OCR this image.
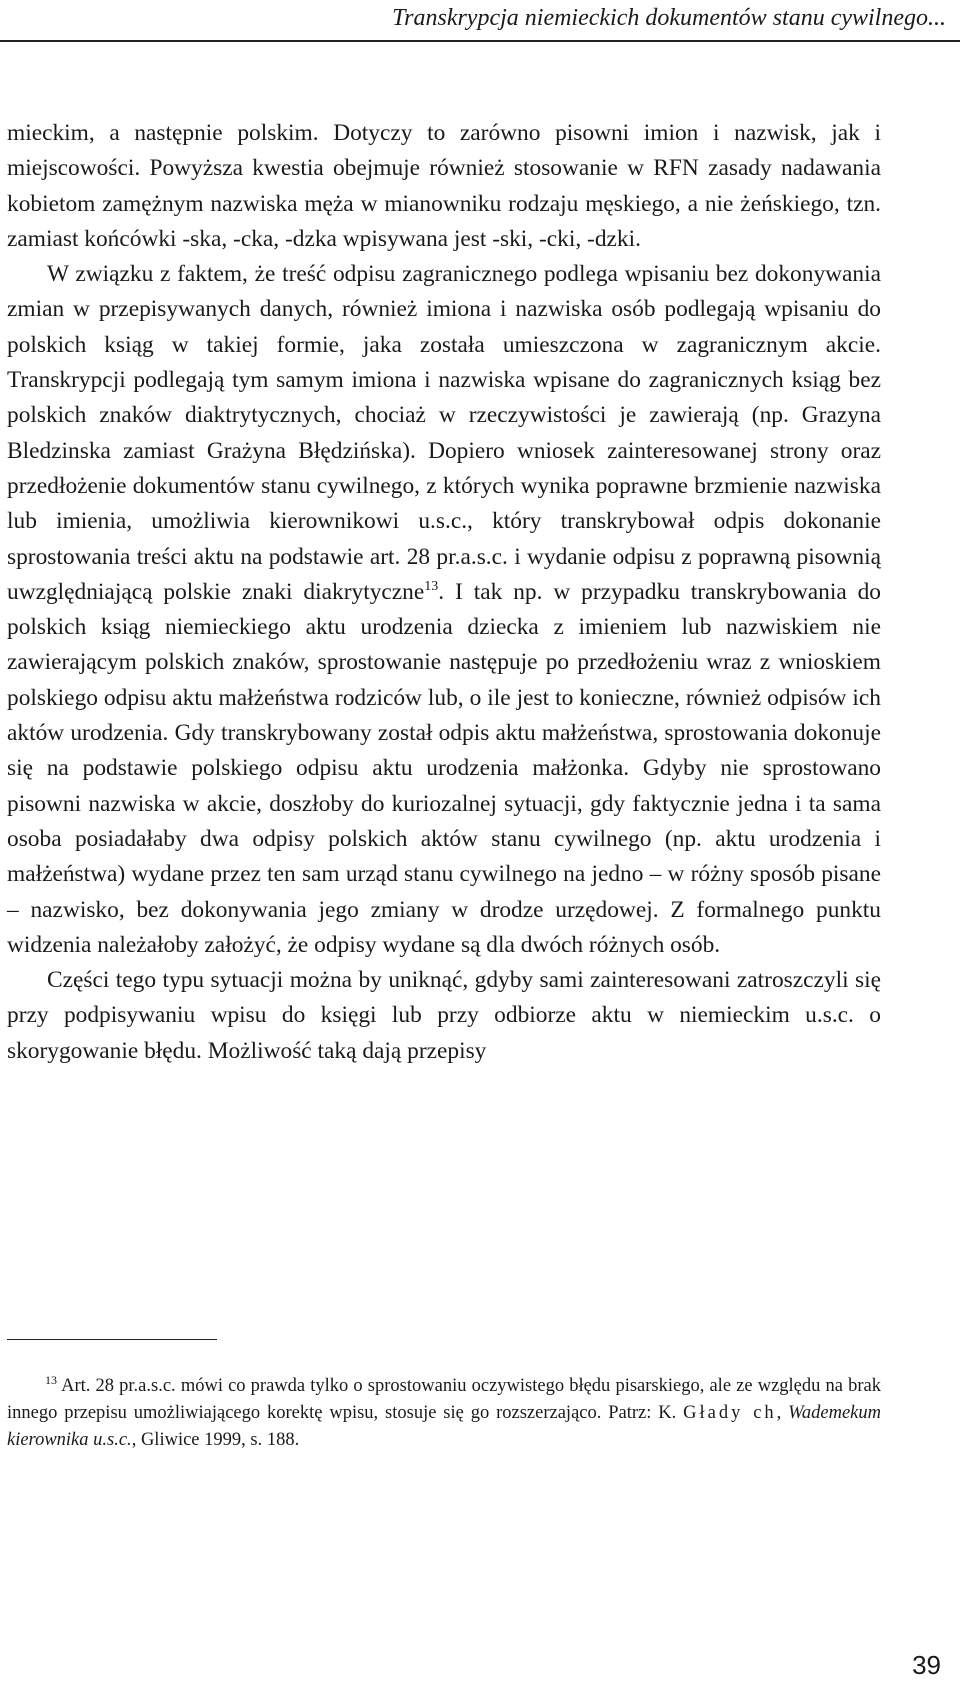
Transkrypcja niemieckich dokumentów stanu cywilnego...

mieckim, a następnie polskim. Dotyczy to zarówno pisowni imion i nazwisk, jak i miejscowości. Powyższa kwestia obejmuje również stosowanie w RFN zasady nadawania kobietom zamężnym nazwiska męża w mianowniku rodzaju męskiego, a nie żeńskiego, tzn. zamiast końcówki -ska, -cka, -dzka wpisywana jest -ski, -cki, -dzki.

W związku z faktem, że treść odpisu zagranicznego podlega wpisaniu bez dokonywania zmian w przepisywanych danych, również imiona i nazwiska osób podlegają wpisaniu do polskich ksiąg w takiej formie, jaka została umieszczona w zagranicznym akcie. Transkrypcji podlegają tym samym imiona i nazwiska wpisane do zagranicznych ksiąg bez polskich znaków diaktrytycznych, chociaż w rzeczywistości je zawierają (np. Grazyna Bledzinska zamiast Grażyna Błędzińska). Dopiero wniosek zainteresowanej strony oraz przedłożenie dokumentów stanu cywilnego, z których wynika poprawne brzmienie nazwiska lub imienia, umożliwia kierownikowi u.s.c., który transkrybował odpis dokonanie sprostowania treści aktu na podstawie art. 28 pr.a.s.c. i wydanie odpisu z poprawną pisownią uwzględniającą polskie znaki diakrytyczne$^{13}$. I tak np. w przypadku transkrybowania do polskich ksiąg niemieckiego aktu urodzenia dziecka z imieniem lub nazwiskiem nie zawierającym polskich znaków, sprostowanie następuje po przedłożeniu wraz z wnioskiem polskiego odpisu aktu małżeństwa rodziców lub, o ile jest to konieczne, również odpisów ich aktów urodzenia. Gdy transkrybowany został odpis aktu małżeństwa, sprostowania dokonuje się na podstawie polskiego odpisu aktu urodzenia małżonka. Gdyby nie sprostowano pisowni nazwiska w akcie, doszłoby do kuriozalnej sytuacji, gdy faktycznie jedna i ta sama osoba posiadałaby dwa odpisy polskich aktów stanu cywilnego (np. aktu urodzenia i małżeństwa) wydane przez ten sam urząd stanu cywilnego na jedno – w różny sposób pisane – nazwisko, bez dokonywania jego zmiany w drodze urzędowej. Z formalnego punktu widzenia należałoby założyć, że odpisy wydane są dla dwóch różnych osób.

Części tego typu sytuacji można by uniknąć, gdyby sami zainteresowani zatroszczyli się przy podpisywaniu wpisu do księgi lub przy odbiorze aktu w niemieckim u.s.c. o skorygowanie błędu. Możliwość taką dają przepisy

$^{13}$ Art. 28 pr.a.s.c. mówi co prawda tylko o sprostowaniu oczywistego błędu pisarskiego, ale ze względu na brak innego przepisu umożliwiającego korektę wpisu, stosuje się go rozszerzająco. Patrz: K. Głady ch, Wademekum kierownika u.s.c., Gliwice 1999, s. 188.

39
